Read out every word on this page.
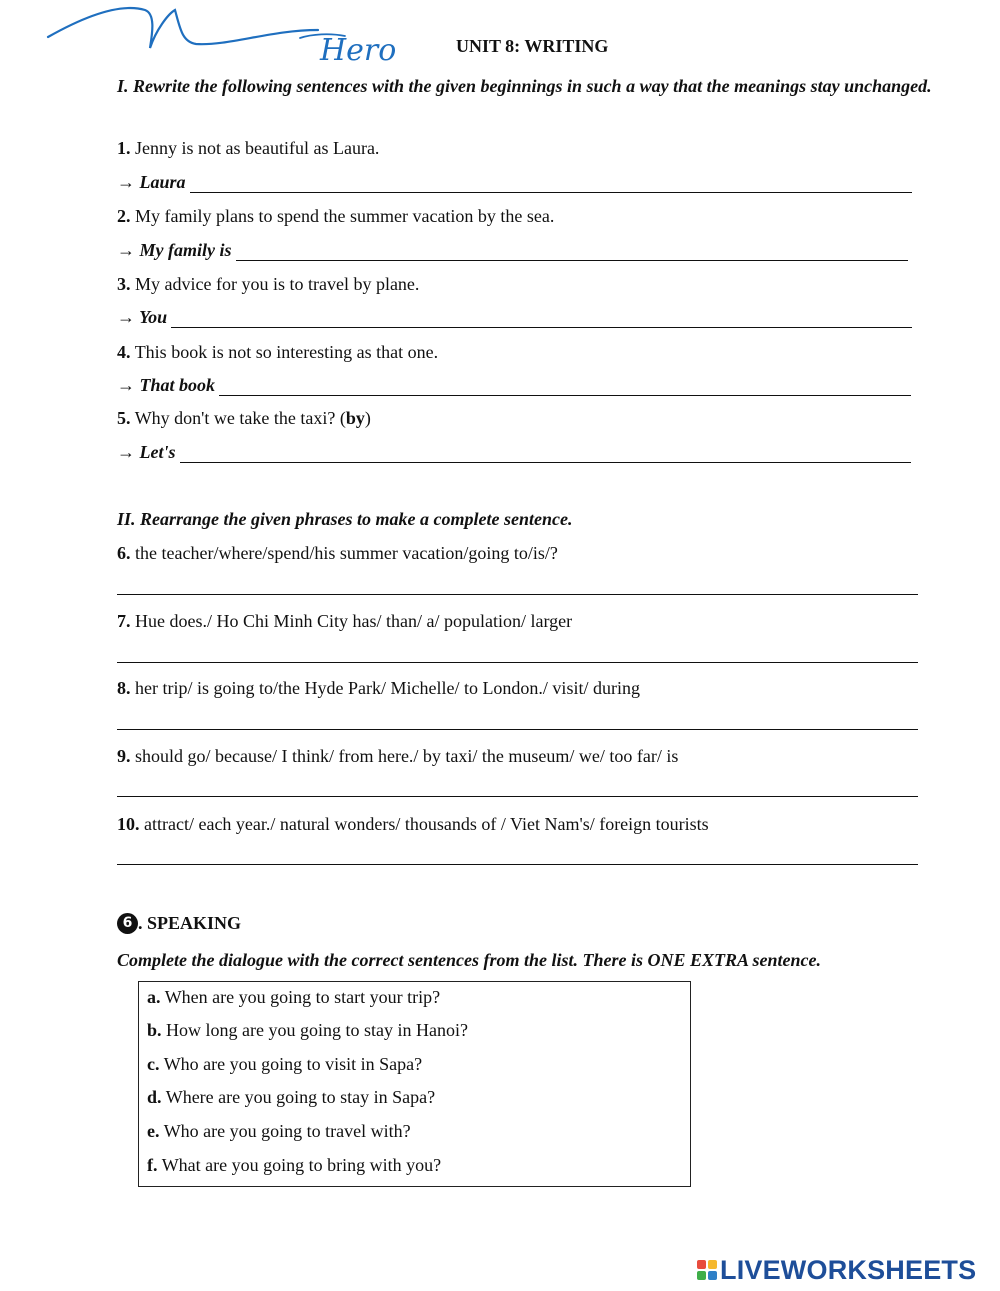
Hero	UNIT 8: WRITING
I. Rewrite the following sentences with the given beginnings in such a way that the meanings stay unchanged.
1. Jenny is not as beautiful as Laura.
→ Laura
2. My family plans to spend the summer vacation by the sea.
→ My family is
3. My advice for you is to travel by plane.
→ You
4. This book is not so interesting as that one.
→ That book
5. Why don't we take the taxi? (by)
→ Let's
II. Rearrange the given phrases to make a complete sentence.
6. the teacher/where/spend/his summer vacation/going to/is/?
7. Hue does./ Ho Chi Minh City has/ than/ a/ population/ larger
8. her trip/ is going to/the Hyde Park/ Michelle/ to London./ visit/ during
9. should go/ because/ I think/ from here./ by taxi/ the museum/ we/ too far/ is
10. attract/ each year./ natural wonders/ thousands of / Viet Nam's/ foreign tourists
6 . SPEAKING
Complete the dialogue with the correct sentences from the list. There is ONE EXTRA sentence.
a. When are you going to start your trip?
b. How long are you going to stay in Hanoi?
c. Who are you going to visit in Sapa?
d. Where are you going to stay in Sapa?
e. Who are you going to travel with?
f. What are you going to bring with you?
LIVEWORKSHEETS
